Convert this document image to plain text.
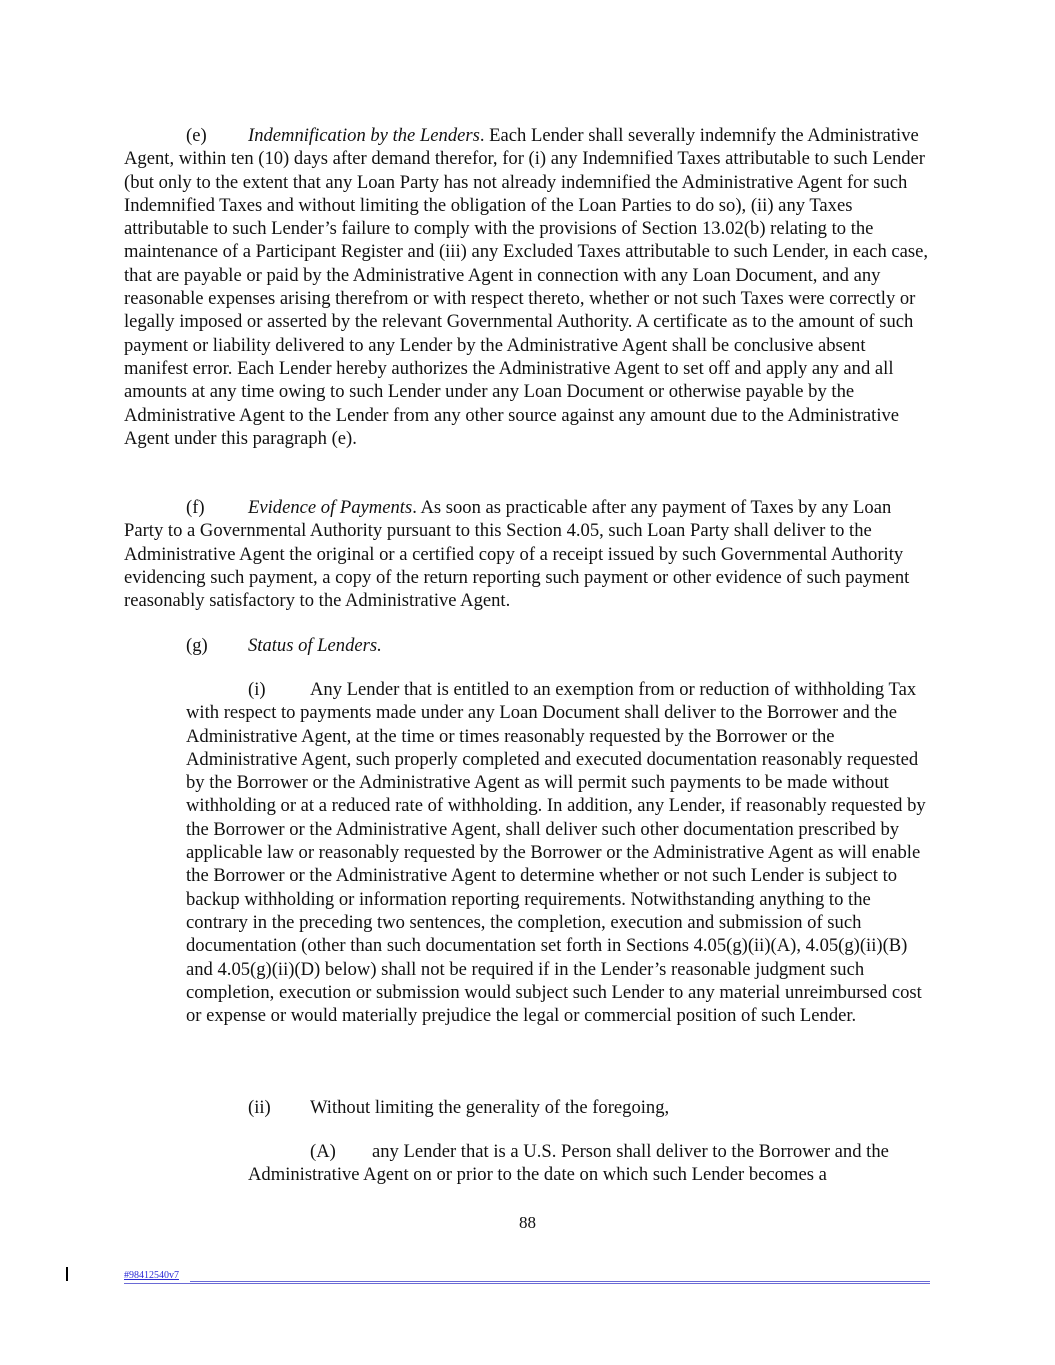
(e) Indemnification by the Lenders. Each Lender shall severally indemnify the Administrative Agent, within ten (10) days after demand therefor, for (i) any Indemnified Taxes attributable to such Lender (but only to the extent that any Loan Party has not already indemnified the Administrative Agent for such Indemnified Taxes and without limiting the obligation of the Loan Parties to do so), (ii) any Taxes attributable to such Lender’s failure to comply with the provisions of Section 13.02(b) relating to the maintenance of a Participant Register and (iii) any Excluded Taxes attributable to such Lender, in each case, that are payable or paid by the Administrative Agent in connection with any Loan Document, and any reasonable expenses arising therefrom or with respect thereto, whether or not such Taxes were correctly or legally imposed or asserted by the relevant Governmental Authority. A certificate as to the amount of such payment or liability delivered to any Lender by the Administrative Agent shall be conclusive absent manifest error. Each Lender hereby authorizes the Administrative Agent to set off and apply any and all amounts at any time owing to such Lender under any Loan Document or otherwise payable by the Administrative Agent to the Lender from any other source against any amount due to the Administrative Agent under this paragraph (e).

(f) Evidence of Payments. As soon as practicable after any payment of Taxes by any Loan Party to a Governmental Authority pursuant to this Section 4.05, such Loan Party shall deliver to the Administrative Agent the original or a certified copy of a receipt issued by such Governmental Authority evidencing such payment, a copy of the return reporting such payment or other evidence of such payment reasonably satisfactory to the Administrative Agent.

(g) Status of Lenders.

(i) Any Lender that is entitled to an exemption from or reduction of withholding Tax with respect to payments made under any Loan Document shall deliver to the Borrower and the Administrative Agent, at the time or times reasonably requested by the Borrower or the Administrative Agent, such properly completed and executed documentation reasonably requested by the Borrower or the Administrative Agent as will permit such payments to be made without withholding or at a reduced rate of withholding. In addition, any Lender, if reasonably requested by the Borrower or the Administrative Agent, shall deliver such other documentation prescribed by applicable law or reasonably requested by the Borrower or the Administrative Agent as will enable the Borrower or the Administrative Agent to determine whether or not such Lender is subject to backup withholding or information reporting requirements. Notwithstanding anything to the contrary in the preceding two sentences, the completion, execution and submission of such documentation (other than such documentation set forth in Sections 4.05(g)(ii)(A), 4.05(g)(ii)(B) and 4.05(g)(ii)(D) below) shall not be required if in the Lender’s reasonable judgment such completion, execution or submission would subject such Lender to any material unreimbursed cost or expense or would materially prejudice the legal or commercial position of such Lender.

(ii) Without limiting the generality of the foregoing,

(A) any Lender that is a U.S. Person shall deliver to the Borrower and the Administrative Agent on or prior to the date on which such Lender becomes a

88
#98412540v7
